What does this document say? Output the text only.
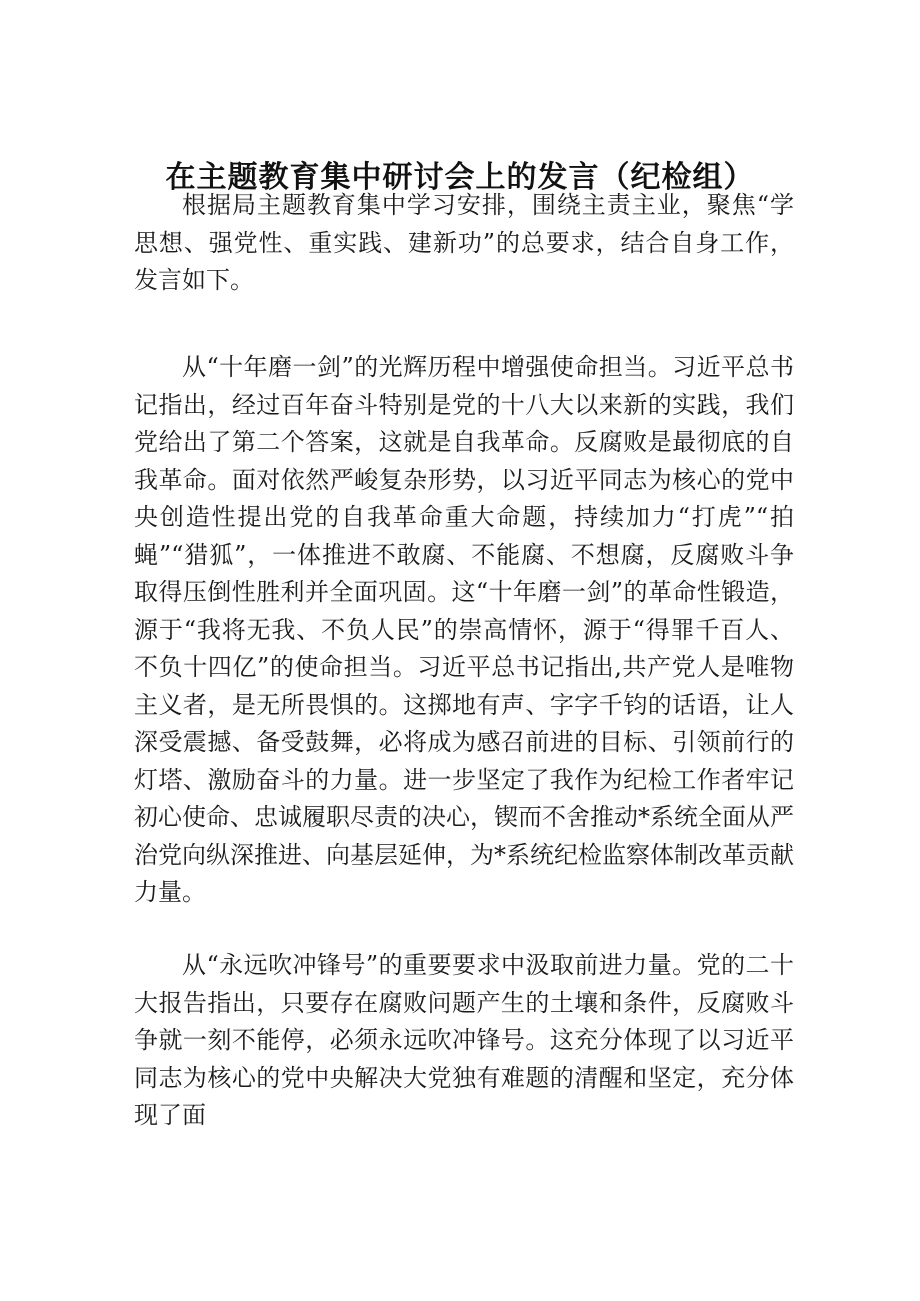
在主题教育集中研讨会上的发言（纪检组）

根据局主题教育集中学习安排，围绕主责主业，聚焦“学思想、强党性、重实践、建新功”的总要求，结合自身工作，发言如下。

从“十年磨一剑”的光辉历程中增强使命担当。习近平总书记指出，经过百年奋斗特别是党的十八大以来新的实践，我们党给出了第二个答案，这就是自我革命。反腐败是最彻底的自我革命。面对依然严峻复杂形势，以习近平同志为核心的党中央创造性提出党的自我革命重大命题，持续加力“打虎”“拍蝇”“猎狐”，一体推进不敢腐、不能腐、不想腐，反腐败斗争取得压倒性胜利并全面巩固。这“十年磨一剑”的革命性锻造，源于“我将无我、不负人民”的崇高情怀，源于“得罪千百人、不负十四亿”的使命担当。习近平总书记指出,共产党人是唯物主义者，是无所畏惧的。这掷地有声、字字千钧的话语，让人深受震撼、备受鼓舞，必将成为感召前进的目标、引领前行的灯塔、激励奋斗的力量。进一步坚定了我作为纪检工作者牢记初心使命、忠诚履职尽责的决心，锲而不舍推动*系统全面从严治党向纵深推进、向基层延伸，为*系统纪检监察体制改革贡献力量。

从“永远吹冲锋号”的重要要求中汲取前进力量。党的二十大报告指出，只要存在腐败问题产生的土壤和条件，反腐败斗争就一刻不能停，必须永远吹冲锋号。这充分体现了以习近平同志为核心的党中央解决大党独有难题的清醒和坚定，充分体现了面
